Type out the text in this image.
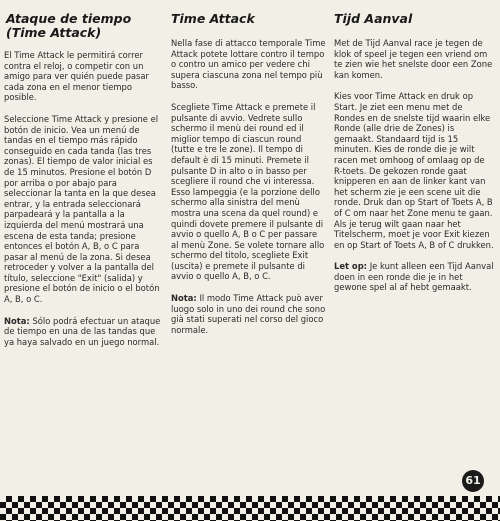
Ataque de tiempo
(Time Attack)

El Time Attack le permitirá correr contra el reloj, o competir con un amigo para ver quién puede pasar cada zona en el menor tiempo posible.

Seleccione Time Attack y presione el botón de inicio. Vea un menú de tandas en el tiempo más rápido conseguido en cada tanda (las tres zonas). El tiempo de valor inicial es de 15 minutos. Presione el botón D por arriba o por abajo para seleccionar la tanta en la que desea entrar, y la entrada seleccionará parpadeará y la pantalla a la izquierda del menú mostrará una escena de esta tanda; presione entonces el botón A, B, o C para pasar al menú de la zona. Si desea retroceder y volver a la pantalla del título, seleccione "Exit" (salida) y presione el botón de inicio o el botón A, B, o C.

Nota: Sólo podrá efectuar un ataque de tiempo en una de las tandas que ya haya salvado en un juego normal.

Time Attack

Nella fase di attacco temporale Time Attack potete lottare contro il tempo o contro un amico per vedere chi supera ciascuna zona nel tempo più basso.

Scegliete Time Attack e premete il pulsante di avvio. Vedrete sullo schermo il menù dei round ed il miglior tempo di ciascun round (tutte e tre le zone). Il tempo di default è di 15 minuti. Premete il pulsante D in alto o in basso per scegliere il round che vi interessa. Esso lampeggia (e la porzione dello schermo alla sinistra del menù mostra una scena da quel round) e quindi dovete premere il pulsante di avvio o quello A, B o C per passare al menù Zone. Se volete tornare allo schermo del titolo, scegliete Exit (uscita) e premete il pulsante di avvio o quello A, B, o C.

Nota: Il modo Time Attack può aver luogo solo in uno dei round che sono già stati superati nel corso del gioco normale.

Tijd Aanval

Met de Tijd Aanval race je tegen de klok of speel je tegen een vriend om te zien wie het snelste door een Zone kan komen.

Kies voor Time Attack en druk op Start. Je ziet een menu met de Rondes en de snelste tijd waarin elke Ronde (alle drie de Zones) is gemaakt. Standaard tijd is 15 minuten. Kies de ronde die je wilt racen met omhoog of omlaag op de R-toets. De gekozen ronde gaat knipperen en aan de linker kant van het scherm zie je een scene uit die ronde. Druk dan op Start of Toets A, B of C om naar het Zone menu te gaan. Als je terug wilt gaan naar het Titelscherm, moet je voor Exit kiezen en op Start of Toets A, B of C drukken.

Let op: Je kunt alleen een Tijd Aanval doen in een ronde die je in het gewone spel al af hebt gemaakt.

61
